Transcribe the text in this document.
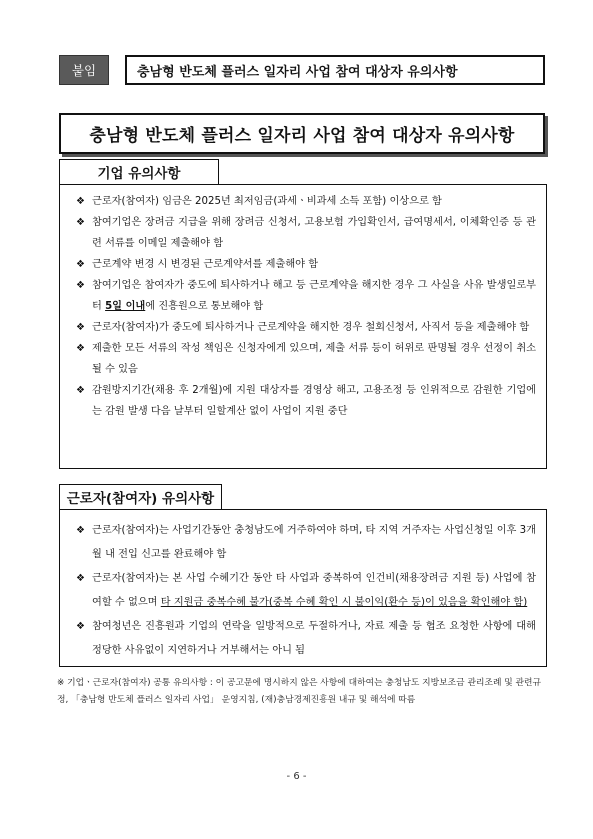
붙임	충남형 반도체 플러스 일자리 사업 참여 대상자 유의사항
충남형 반도체 플러스 일자리 사업 참여 대상자 유의사항
기업 유의사항
❖ 근로자(참여자) 임금은 2025년 최저임금(과세ㆍ비과세 소득 포함) 이상으로 함
❖ 참여기업은 장려금 지급을 위해 장려금 신청서, 고용보험 가입확인서, 급여명세서, 이체확인증 등 관련 서류를 이메일 제출해야 함
❖ 근로계약 변경 시 변경된 근로계약서를 제출해야 함
❖ 참여기업은 참여자가 중도에 퇴사하거나 해고 등 근로계약을 해지한 경우 그 사실을 사유 발생일로부터 5일 이내에 진흥원으로 통보해야 함
❖ 근로자(참여자)가 중도에 퇴사하거나 근로계약을 해지한 경우 철회신청서, 사직서 등을 제출해야 함
❖ 제출한 모든 서류의 작성 책임은 신청자에게 있으며, 제출 서류 등이 허위로 판명될 경우 선정이 취소될 수 있음
❖ 감원방지기간(채용 후 2개월)에 지원 대상자를 경영상 해고, 고용조정 등 인위적으로 감원한 기업에는 감원 발생 다음 날부터 일할계산 없이 사업이 지원 중단
근로자(참여자) 유의사항
❖ 근로자(참여자)는 사업기간동안 충청남도에 거주하여야 하며, 타 지역 거주자는 사업신청일 이후 3개월 내 전입 신고를 완료해야 함
❖ 근로자(참여자)는 본 사업 수혜기간 동안 타 사업과 중복하여 인건비(채용장려금 지원 등) 사업에 참여할 수 없으며 타 지원금 중복수혜 불가(중복 수혜 확인 시 불이익(환수 등)이 있음을 확인해야 함)
❖ 참여청년은 진흥원과 기업의 연락을 일방적으로 두절하거나, 자료 제출 등 협조 요청한 사항에 대해 정당한 사유없이 지연하거나 거부해서는 아니 됨
※ 기업ㆍ근로자(참여자) 공통 유의사항 : 이 공고문에 명시하지 않은 사항에 대하여는 충청남도 지방보조금 관리조례 및 관련규정, 「충남형 반도체 플러스 일자리 사업」 운영지침, (재)충남경제진흥원 내규 및 해석에 따름
- 6 -
